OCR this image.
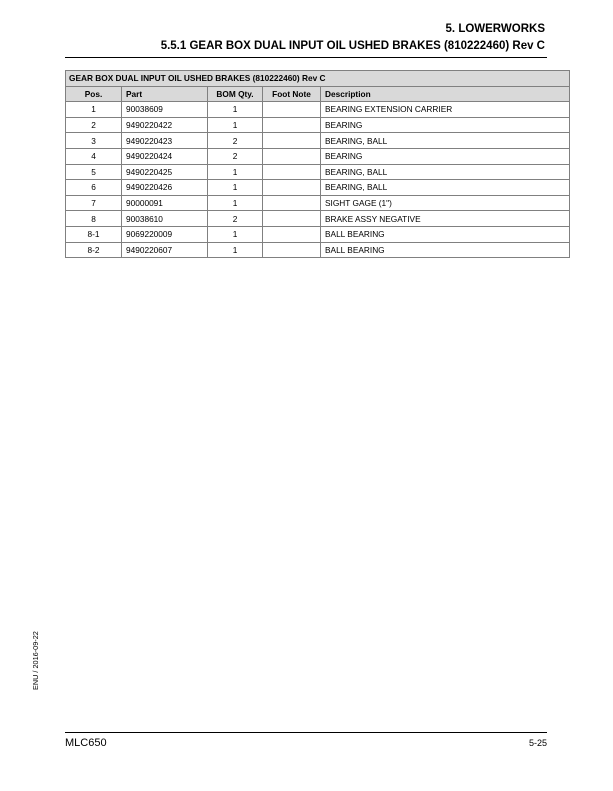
5. LOWERWORKS
5.5.1 GEAR BOX DUAL INPUT OIL USHED BRAKES (810222460) Rev C
GEAR BOX DUAL INPUT OIL USHED BRAKES (810222460) Rev C				
Pos.	Part	BOM Qty.	Foot Note	Description
1	90038609	1		BEARING EXTENSION CARRIER
2	9490220422	1		BEARING
3	9490220423	2		BEARING, BALL
4	9490220424	2		BEARING
5	9490220425	1		BEARING, BALL
6	9490220426	1		BEARING, BALL
7	90000091	1		SIGHT GAGE (1")
8	90038610	2		BRAKE ASSY NEGATIVE
8-1	9069220009	1		BALL BEARING
8-2	9490220607	1		BALL BEARING
ENU / 2016-09-22
MLC650	5-25
